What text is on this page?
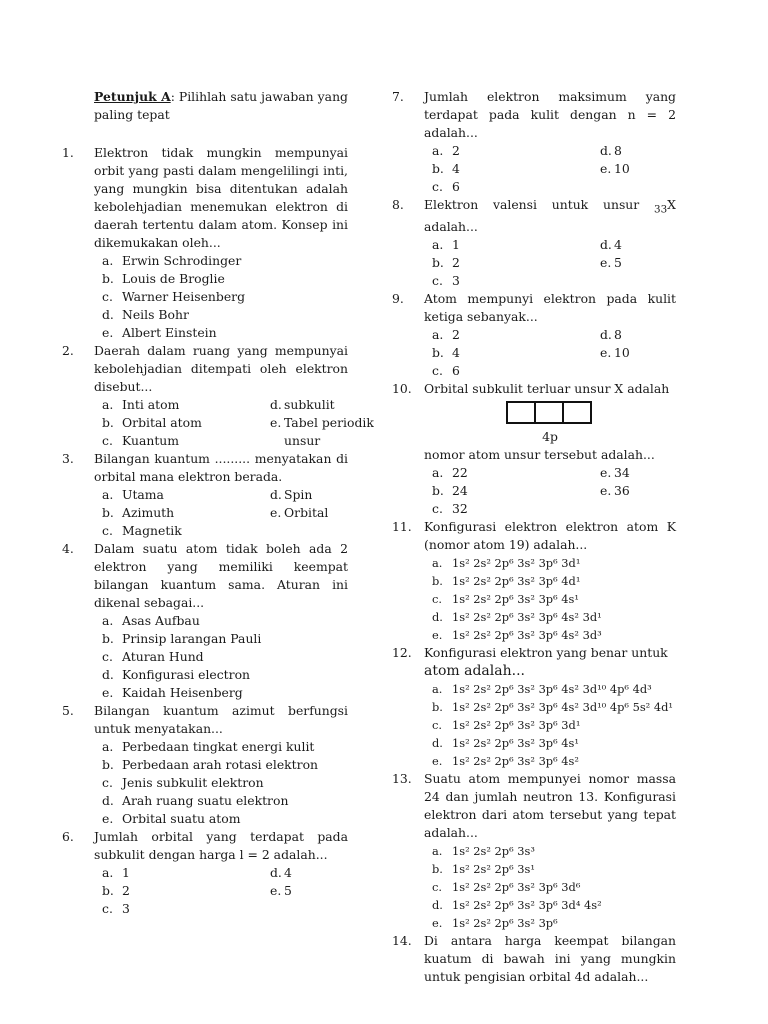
Petunjuk A: Pilihlah satu jawaban yang paling tepat
1. Elektron tidak mungkin mempunyai orbit yang pasti dalam mengelilingi inti, yang mungkin bisa ditentukan adalah kebolehjadian menemukan elektron di daerah tertentu dalam atom. Konsep ini dikemukakan oleh...
a. Erwin Schrodinger
b. Louis de Broglie
c. Warner Heisenberg
d. Neils Bohr
e. Albert Einstein
2. Daerah dalam ruang yang mempunyai kebolehjadian ditempati oleh elektron disebut...
a. Inti atom	d. subkulit
b. Orbital atom	e. Tabel periodik
c. Kuantum	unsur
3. Bilangan kuantum ......... menyatakan di orbital mana elektron berada.
a. Utama	d. Spin
b. Azimuth	e. Orbital
c. Magnetik
4. Dalam suatu atom tidak boleh ada 2 elektron yang memiliki keempat bilangan kuantum sama. Aturan ini dikenal sebagai...
a. Asas Aufbau
b. Prinsip larangan Pauli
c. Aturan Hund
d. Konfigurasi electron
e. Kaidah Heisenberg
5. Bilangan kuantum azimut berfungsi untuk menyatakan...
a. Perbedaan tingkat energi kulit
b. Perbedaan arah rotasi elektron
c. Jenis subkulit elektron
d. Arah ruang suatu elektron
e. Orbital suatu atom
6. Jumlah orbital yang terdapat pada subkulit dengan harga l = 2 adalah...
a. 1	d. 4
b. 2	e. 5
c. 3
7. Jumlah elektron maksimum yang terdapat pada kulit dengan n = 2 adalah...
a. 2	d. 8
b. 4	e. 10
c. 6
8. Elektron valensi untuk unsur $_{33}$X adalah...
a. 1	d. 4
b. 2	e. 5
c. 3
9. Atom mempunyi elektron pada kulit ketiga sebanyak...
a. 2	d. 8
b. 4	e. 10
c. 6
10. Orbital subkulit terluar unsur X adalah
4p
nomor atom unsur tersebut adalah...
a. 22	e. 34
b. 24	e. 36
c. 32
11. Konfigurasi elektron elektron atom K (nomor atom 19) adalah...
a. 1s² 2s² 2p⁶ 3s² 3p⁶ 3d¹
b. 1s² 2s² 2p⁶ 3s² 3p⁶ 4d¹
c. 1s² 2s² 2p⁶ 3s² 3p⁶ 4s¹
d. 1s² 2s² 2p⁶ 3s² 3p⁶ 4s² 3d¹
e. 1s² 2s² 2p⁶ 3s² 3p⁶ 4s² 3d³
12. Konfigurasi elektron yang benar untuk
atom adalah...
a. 1s² 2s² 2p⁶ 3s² 3p⁶ 4s² 3d¹⁰ 4p⁶ 4d³
b. 1s² 2s² 2p⁶ 3s² 3p⁶ 4s² 3d¹⁰ 4p⁶ 5s² 4d¹
c. 1s² 2s² 2p⁶ 3s² 3p⁶ 3d¹
d. 1s² 2s² 2p⁶ 3s² 3p⁶ 4s¹
e. 1s² 2s² 2p⁶ 3s² 3p⁶ 4s²
13. Suatu atom mempunyei nomor massa 24 dan jumlah neutron 13. Konfigurasi elektron dari atom tersebut yang tepat adalah...
a. 1s² 2s² 2p⁶ 3s³
b. 1s² 2s² 2p⁶ 3s¹
c. 1s² 2s² 2p⁶ 3s² 3p⁶ 3d⁶
d. 1s² 2s² 2p⁶ 3s² 3p⁶ 3d⁴ 4s²
e. 1s² 2s² 2p⁶ 3s² 3p⁶
14. Di antara harga keempat bilangan kuatum di bawah ini yang mungkin untuk pengisian orbital 4d adalah...
